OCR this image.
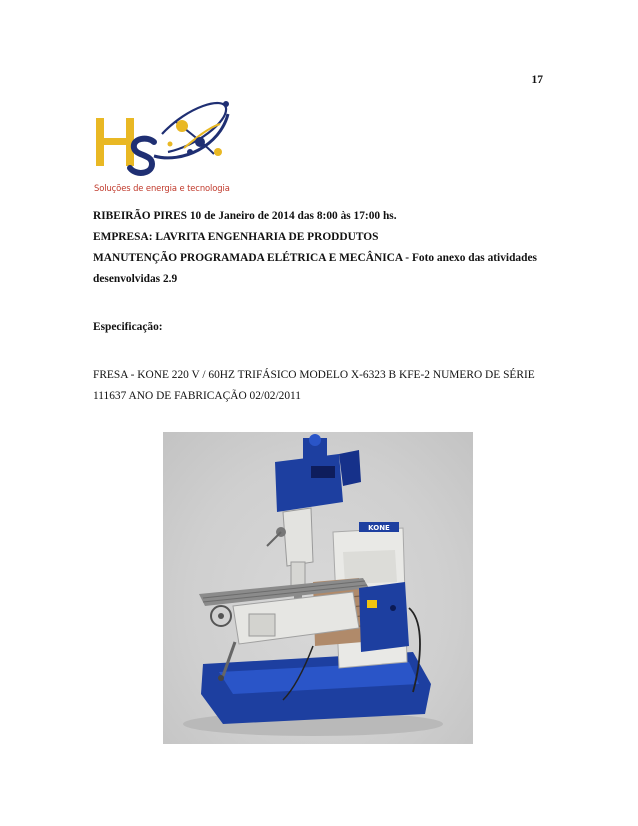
17
Soluções de energia e tecnologia
RIBEIRÃO PIRES 10 de Janeiro de 2014 das 8:00 às 17:00 hs.
EMPRESA: LAVRITA ENGENHARIA DE PRODDUTOS
MANUTENÇÃO PROGRAMADA ELÉTRICA E MECÂNICA - Foto anexo das atividades desenvolvidas 2.9
Especificação:
FRESA - KONE 220 V / 60HZ TRIFÁSICO MODELO X-6323 B KFE-2 NUMERO DE SÉRIE 111637 ANO DE FABRICAÇÃO 02/02/2011
KONE
